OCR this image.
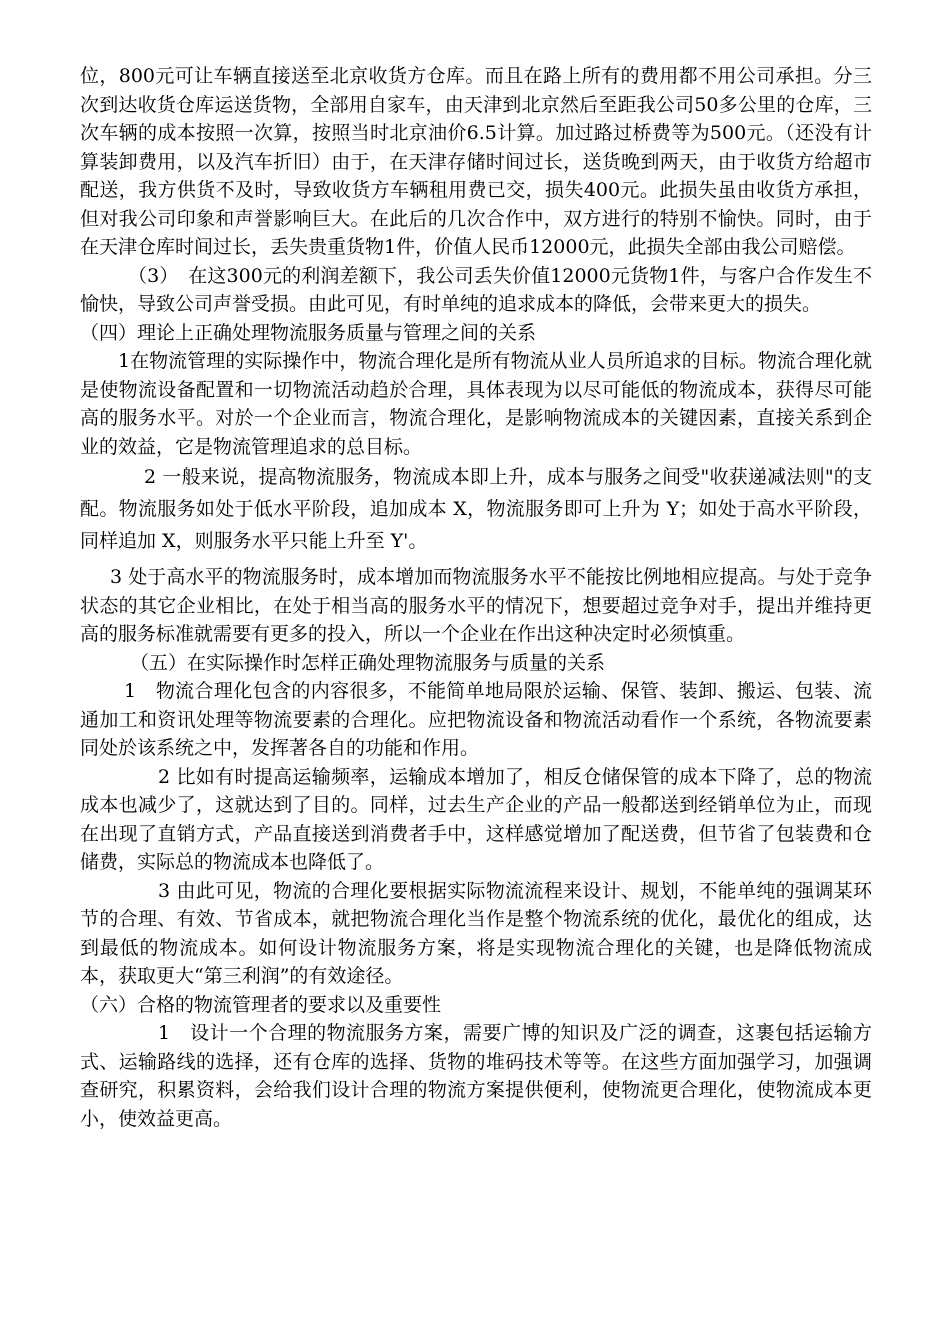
位，800元可让车辆直接送至北京收货方仓库。而且在路上所有的费用都不用公司承担。分三次到达收货仓库运送货物，全部用自家车，由天津到北京然后至距我公司50多公里的仓库，三次车辆的成本按照一次算，按照当时北京油价6.5计算。加过路过桥费等为500元。（还没有计算装卸费用，以及汽车折旧）由于，在天津存储时间过长，送货晚到两天，由于收货方给超市配送，我方供货不及时，导致收货方车辆租用费已交，损失400元。此损失虽由收货方承担，但对我公司印象和声誉影响巨大。在此后的几次合作中，双方进行的特别不愉快。同时，由于在天津仓库时间过长，丢失贵重货物1件，价值人民币12000元，此损失全部由我公司赔偿。

（3）　在这300元的利润差额下，我公司丢失价值12000元货物1件，与客户合作发生不愉快，导致公司声誉受损。由此可见，有时单纯的追求成本的降低，会带来更大的损失。

（四）理论上正确处理物流服务质量与管理之间的关系

1在物流管理的实际操作中，物流合理化是所有物流从业人员所追求的目标。物流合理化就是使物流设备配置和一切物流活动趋於合理，具体表现为以尽可能低的物流成本，获得尽可能高的服务水平。对於一个企业而言，物流合理化，是影响物流成本的关键因素，直接关系到企业的效益，它是物流管理追求的总目标。

2 一般来说，提高物流服务，物流成本即上升，成本与服务之间受"收获递减法则"的支配。物流服务如处于低水平阶段，追加成本 X，物流服务即可上升为 Y；如处于高水平阶段，同样追加 X，则服务水平只能上升至 Y'。

3 处于高水平的物流服务时，成本增加而物流服务水平不能按比例地相应提高。与处于竞争状态的其它企业相比，在处于相当高的服务水平的情况下，想要超过竞争对手，提出并维持更高的服务标准就需要有更多的投入，所以一个企业在作出这种决定时必须慎重。

（五）在实际操作时怎样正确处理物流服务与质量的关系

1　物流合理化包含的内容很多，不能简单地局限於运输、保管、装卸、搬运、包装、流通加工和资讯处理等物流要素的合理化。应把物流设备和物流活动看作一个系统，各物流要素同处於该系统之中，发挥著各自的功能和作用。

2 比如有时提高运输频率，运输成本增加了，相反仓储保管的成本下降了，总的物流成本也减少了，这就达到了目的。同样，过去生产企业的产品一般都送到经销单位为止，而现在出现了直销方式，产品直接送到消费者手中，这样感觉增加了配送费，但节省了包装费和仓储费，实际总的物流成本也降低了。

3 由此可见，物流的合理化要根据实际物流流程来设计、规划，不能单纯的强调某环节的合理、有效、节省成本，就把物流合理化当作是整个物流系统的优化，最优化的组成，达到最低的物流成本。如何设计物流服务方案，将是实现物流合理化的关键，也是降低物流成本，获取更大“第三利润”的有效途径。

（六）合格的物流管理者的要求以及重要性

1　设计一个合理的物流服务方案，需要广博的知识及广泛的调查，这裹包括运输方式、运输路线的选择，还有仓库的选择、货物的堆码技术等等。在这些方面加强学习，加强调查研究，积累资料，会给我们设计合理的物流方案提供便利，使物流更合理化，使物流成本更小，使效益更高。
